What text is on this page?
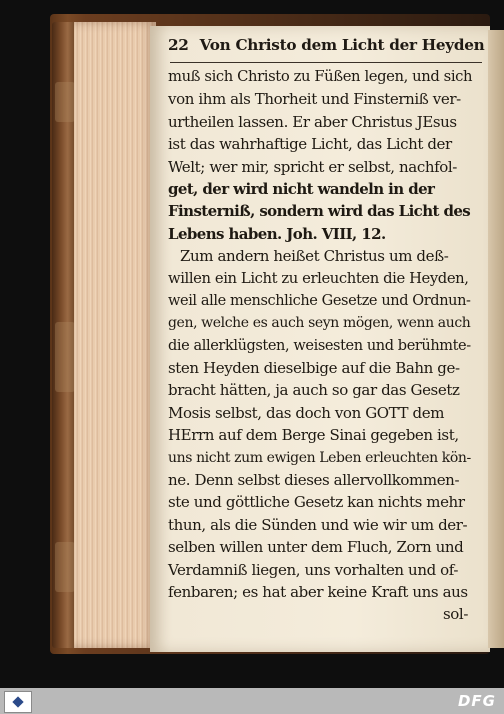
22 Von Christo dem Licht der Heyden
muß sich Christo zu Füßen legen, und sich
von ihm als Thorheit und Finsterniß ver-
urtheilen lassen. Er aber Christus JEsus
ist das wahrhaftige Licht, das Licht der
Welt; wer mir, spricht er selbst, nachfol-
get, der wird nicht wandeln in der
Finsterniß, sondern wird das Licht des
Lebens haben. Joh. VIII, 12.
Zum andern heißet Christus um deß-
willen ein Licht zu erleuchten die Heyden,
weil alle menschliche Gesetze und Ordnun-
gen, welche es auch seyn mögen, wenn auch
die allerklügsten, weisesten und berühmte-
sten Heyden dieselbige auf die Bahn ge-
bracht hätten, ja auch so gar das Gesetz
Mosis selbst, das doch von GOTT dem
HErrn auf dem Berge Sinai gegeben ist,
uns nicht zum ewigen Leben erleuchten kön-
ne. Denn selbst dieses allervollkommen-
ste und göttliche Gesetz kan nichts mehr
thun, als die Sünden und wie wir um der-
selben willen unter dem Fluch, Zorn und
Verdamniß liegen, uns vorhalten und of-
fenbaren; es hat aber keine Kraft uns aus
sol-
DFG
